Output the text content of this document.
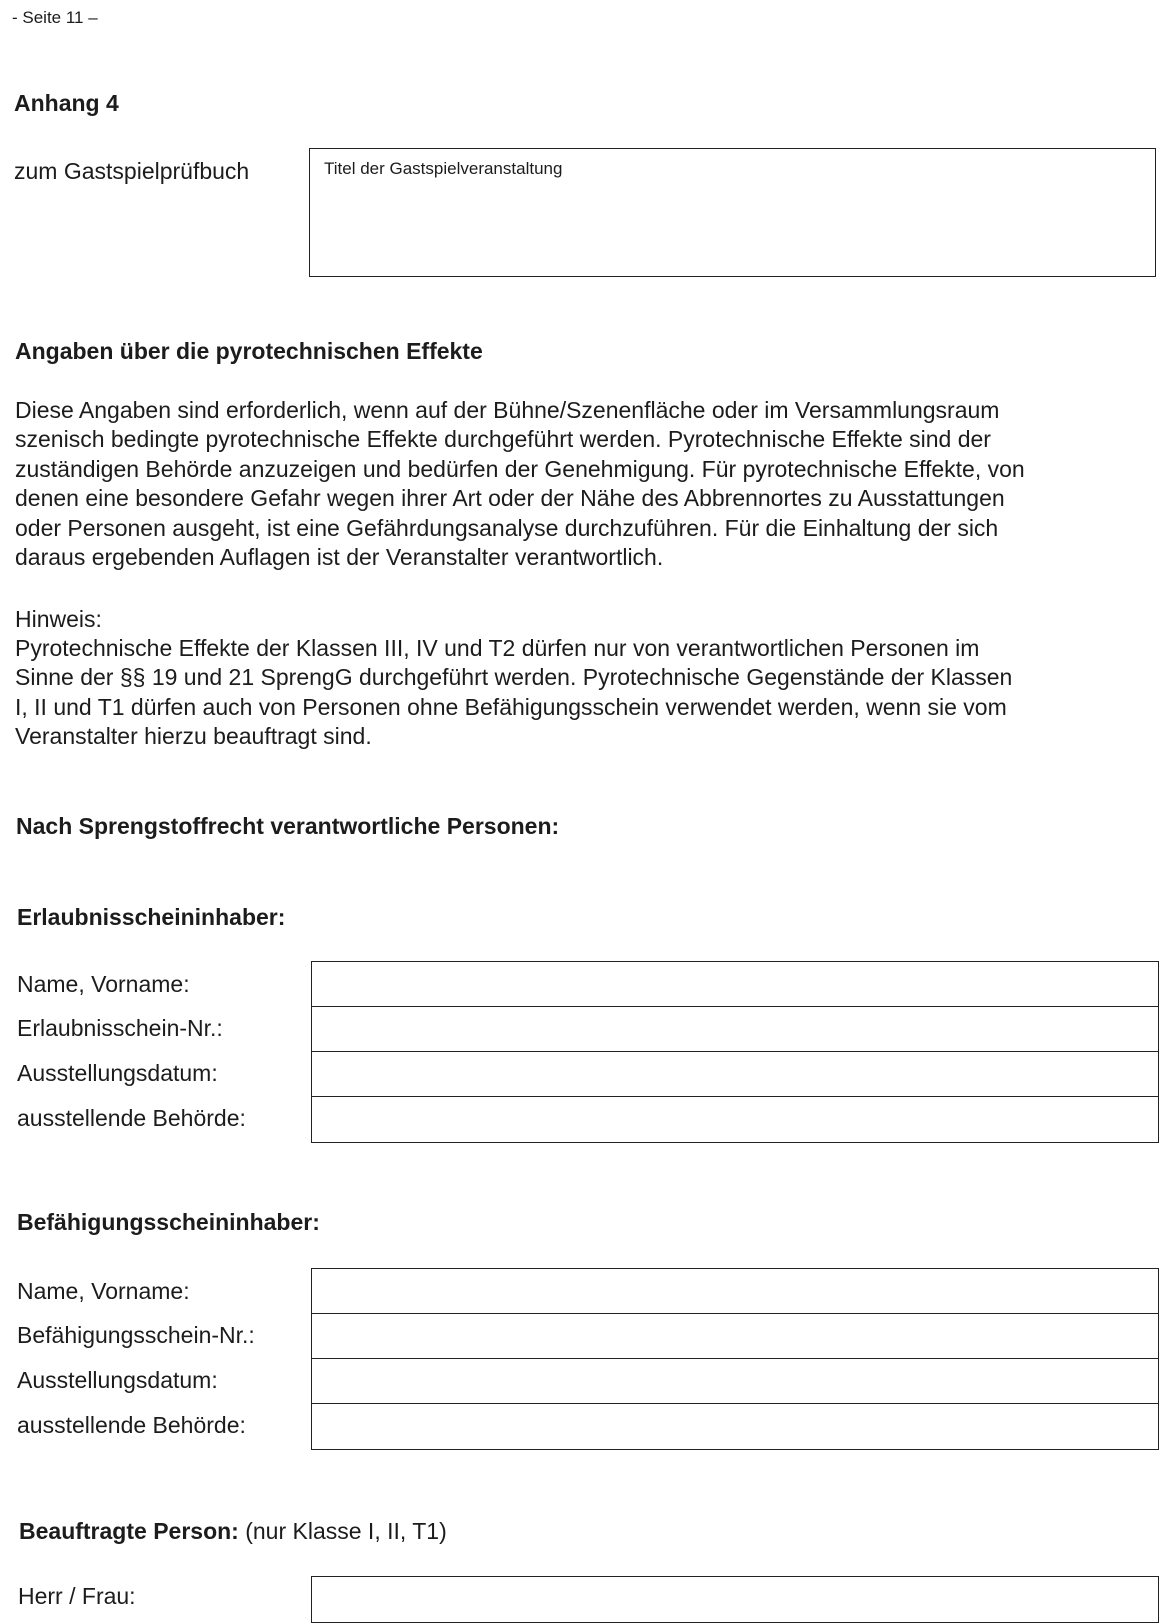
- Seite 11 –
Anhang 4
zum Gastspielprüfbuch	Titel der Gastspielveranstaltung
Angaben über die pyrotechnischen Effekte
Diese Angaben sind erforderlich, wenn auf der Bühne/Szenenfläche oder im Versammlungsraum
szenisch bedingte pyrotechnische Effekte durchgeführt werden. Pyrotechnische Effekte sind der
zuständigen Behörde anzuzeigen und bedürfen der Genehmigung. Für pyrotechnische Effekte, von
denen eine besondere Gefahr wegen ihrer Art oder der Nähe des Abbrennortes zu Ausstattungen
oder Personen ausgeht, ist eine Gefährdungsanalyse durchzuführen. Für die Einhaltung der sich
daraus ergebenden Auflagen ist der Veranstalter verantwortlich.
Hinweis:
Pyrotechnische Effekte der Klassen III, IV und T2 dürfen nur von verantwortlichen Personen im
Sinne der §§ 19 und 21 SprengG durchgeführt werden. Pyrotechnische Gegenstände der Klassen
I, II und T1 dürfen auch von Personen ohne Befähigungsschein verwendet werden, wenn sie vom
Veranstalter hierzu beauftragt sind.
Nach Sprengstoffrecht verantwortliche Personen:
Erlaubnisscheininhaber:
Name, Vorname:
Erlaubnisschein-Nr.:
Ausstellungsdatum:
ausstellende Behörde:
Befähigungsscheininhaber:
Name, Vorname:
Befähigungsschein-Nr.:
Ausstellungsdatum:
ausstellende Behörde:
Beauftragte Person: (nur Klasse I, II, T1)
Herr / Frau:
